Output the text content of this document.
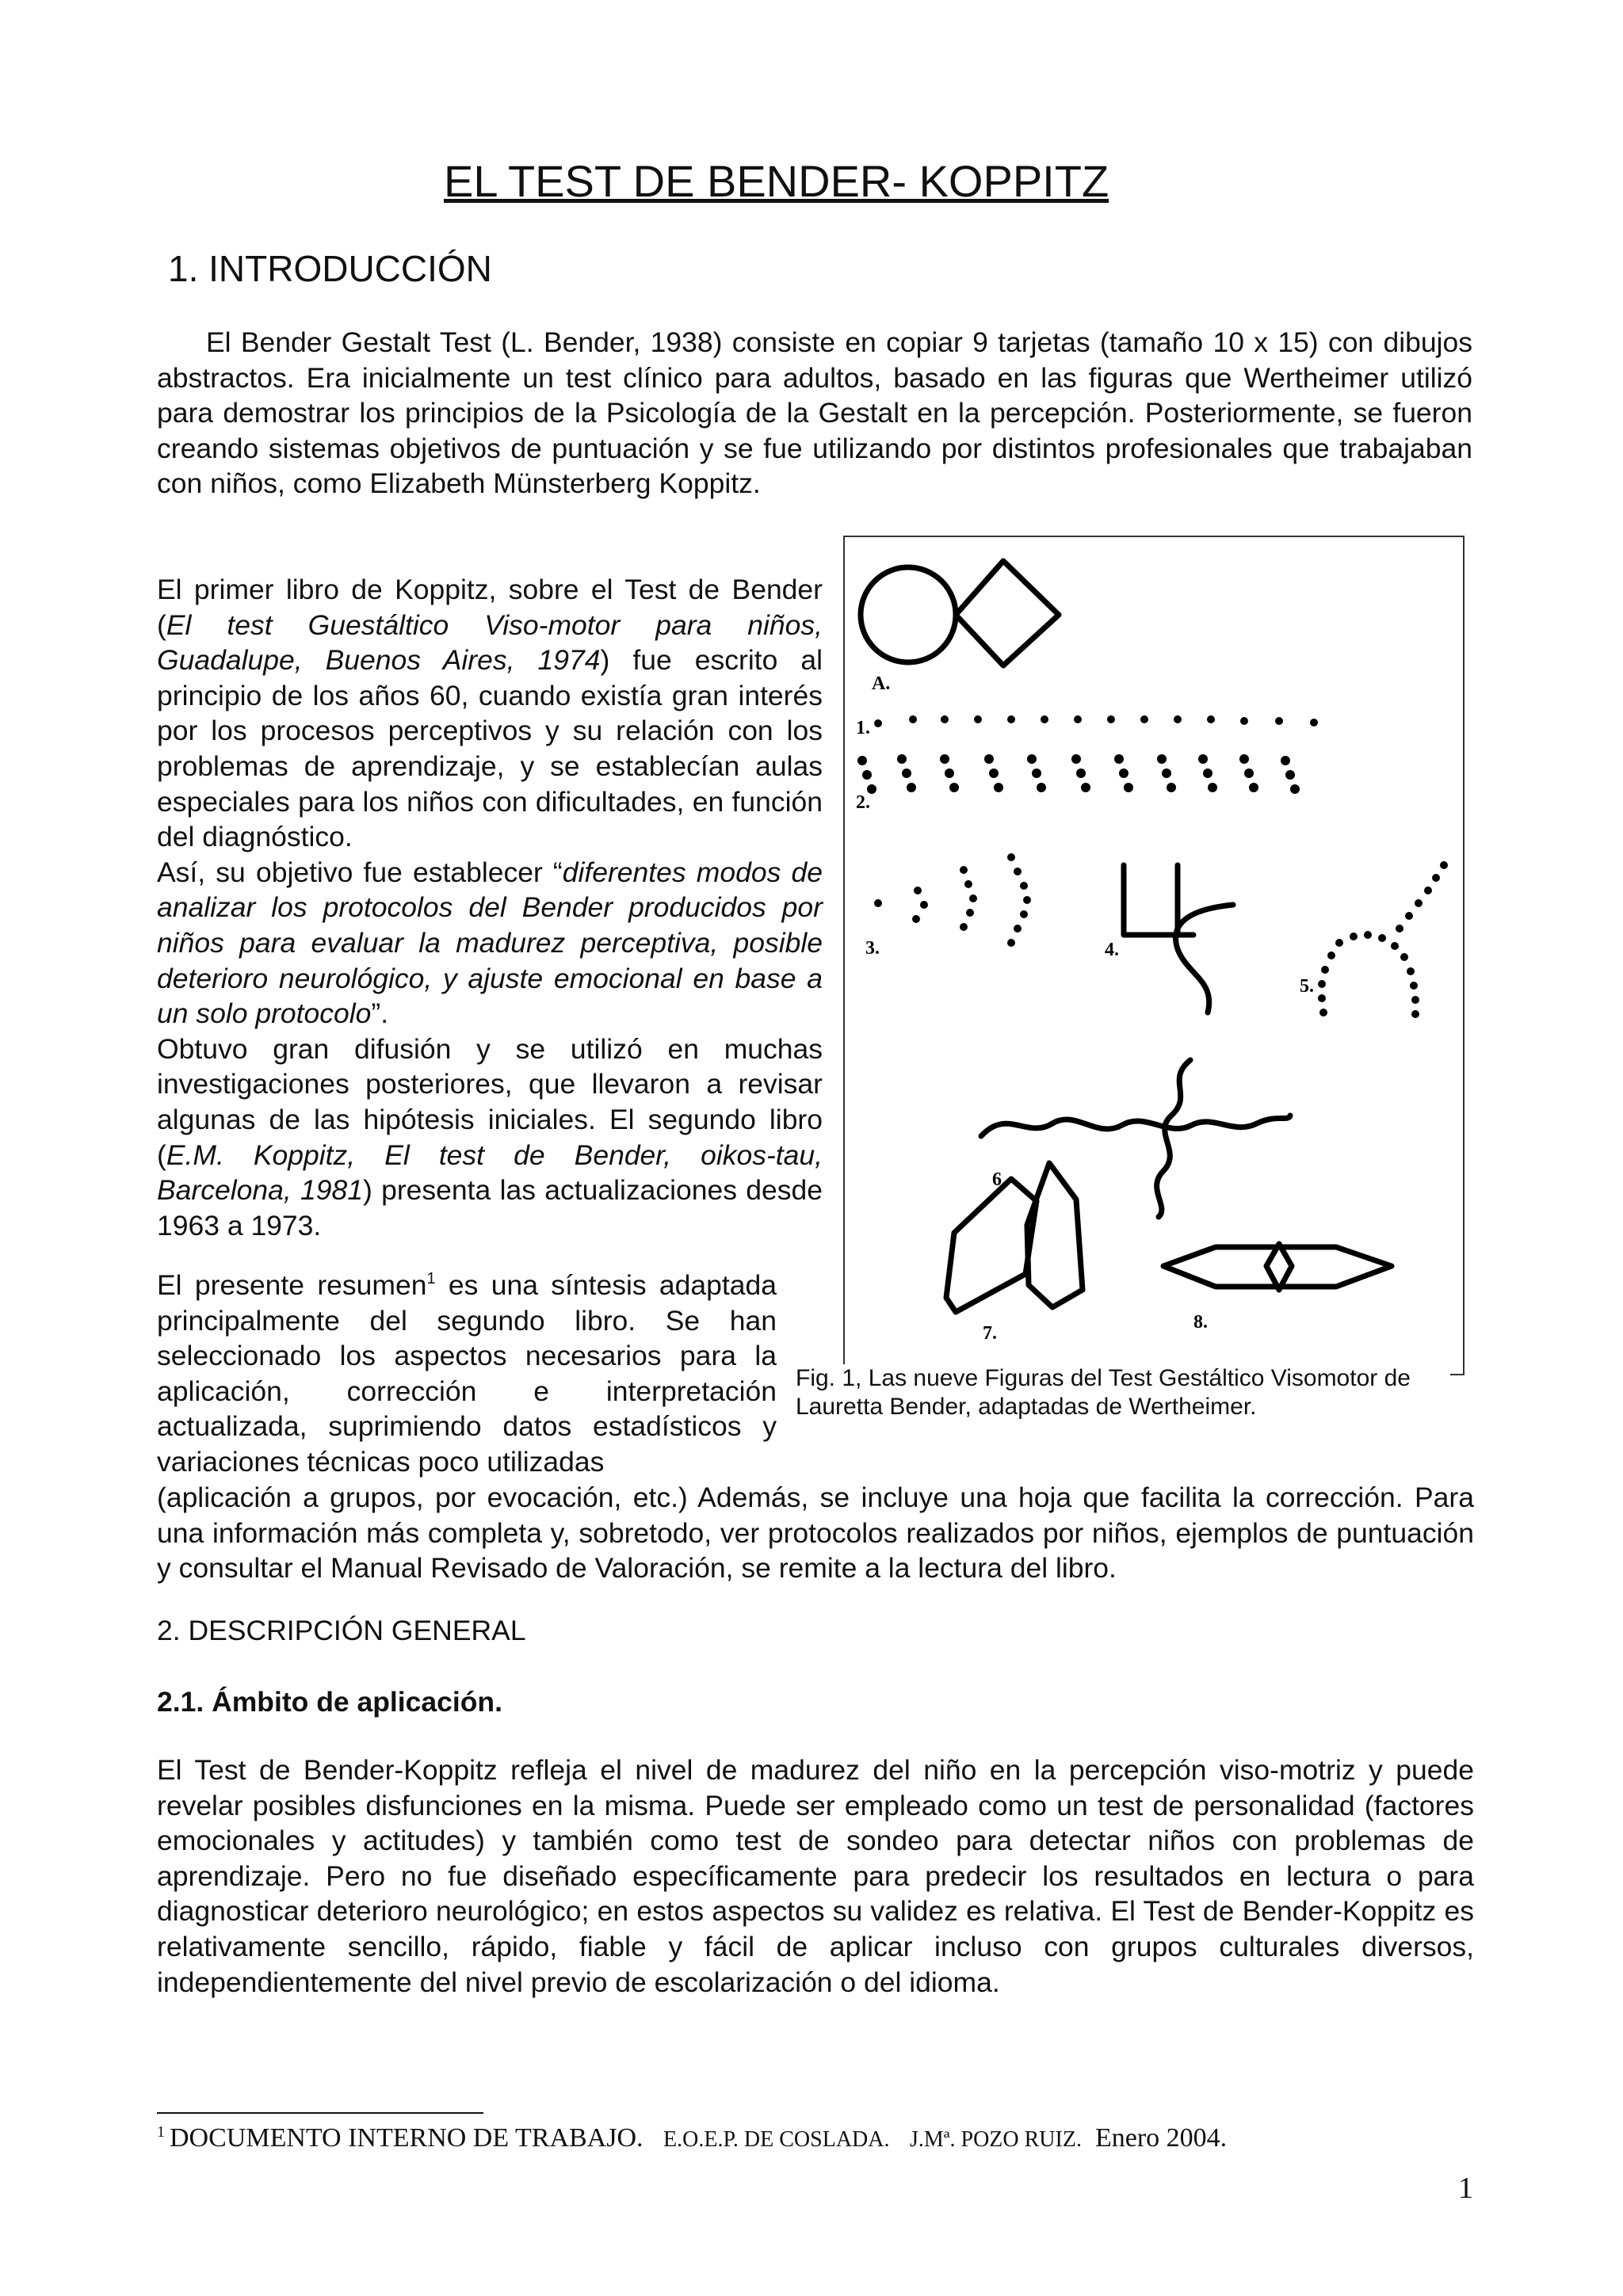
EL TEST DE BENDER- KOPPITZ
1. INTRODUCCIÓN
El Bender Gestalt Test (L. Bender, 1938) consiste en copiar 9 tarjetas (tamaño 10 x 15) con dibujos abstractos. Era inicialmente un test clínico para adultos, basado en las figuras que Wertheimer utilizó para demostrar los principios de la Psicología de la Gestalt en la percepción. Posteriormente, se fueron creando sistemas objetivos de puntuación y se fue utilizando por distintos profesionales que trabajaban con niños, como Elizabeth Münsterberg Koppitz.
El primer libro de Koppitz, sobre el Test de Bender (El test Guestáltico Viso-motor para niños, Guadalupe, Buenos Aires, 1974) fue escrito al principio de los años 60, cuando existía gran interés por los procesos perceptivos y su relación con los problemas de aprendizaje, y se establecían aulas especiales para los niños con dificultades, en función del diagnóstico.
Así, su objetivo fue establecer “diferentes modos de analizar los protocolos del Bender producidos por niños para evaluar la madurez perceptiva, posible deterioro neurológico, y ajuste emocional en base a un solo protocolo”.
Obtuvo gran difusión y se utilizó en muchas investigaciones posteriores, que llevaron a revisar algunas de las hipótesis iniciales. El segundo libro (E.M. Koppitz, El test de Bender, oikos-tau, Barcelona, 1981) presenta las actualizaciones desde 1963 a 1973.
El presente resumen$^1$ es una síntesis adaptada principalmente del segundo libro. Se han seleccionado los aspectos necesarios para la aplicación, corrección e interpretación actualizada, suprimiendo datos estadísticos y variaciones técnicas poco utilizadas
(aplicación a grupos, por evocación, etc.) Además, se incluye una hoja que facilita la corrección. Para una información más completa y, sobretodo, ver protocolos realizados por niños, ejemplos de puntuación y consultar el Manual Revisado de Valoración, se remite a la lectura del libro.
A.
1.
2.
3.	4.
5.
6.
7.
8.
Fig. 1, Las nueve Figuras del Test Gestáltico Visomotor de Lauretta Bender, adaptadas de Wertheimer.
2. DESCRIPCIÓN GENERAL
2.1. Ámbito de aplicación.
El Test de Bender-Koppitz refleja el nivel de madurez del niño en la percepción viso-motriz y puede revelar posibles disfunciones en la misma. Puede ser empleado como un test de personalidad (factores emocionales y actitudes) y también como test de sondeo para detectar niños con problemas de aprendizaje. Pero no fue diseñado específicamente para predecir los resultados en lectura o para diagnosticar deterioro neurológico; en estos aspectos su validez es relativa. El Test de Bender-Koppitz es relativamente sencillo, rápido, fiable y fácil de aplicar incluso con grupos culturales diversos, independientemente del nivel previo de escolarización o del idioma.
$^1$ DOCUMENTO INTERNO DE TRABAJO. E.O.E.P. DE COSLADA. J.Mª. POZO RUIZ. Enero 2004.
1
